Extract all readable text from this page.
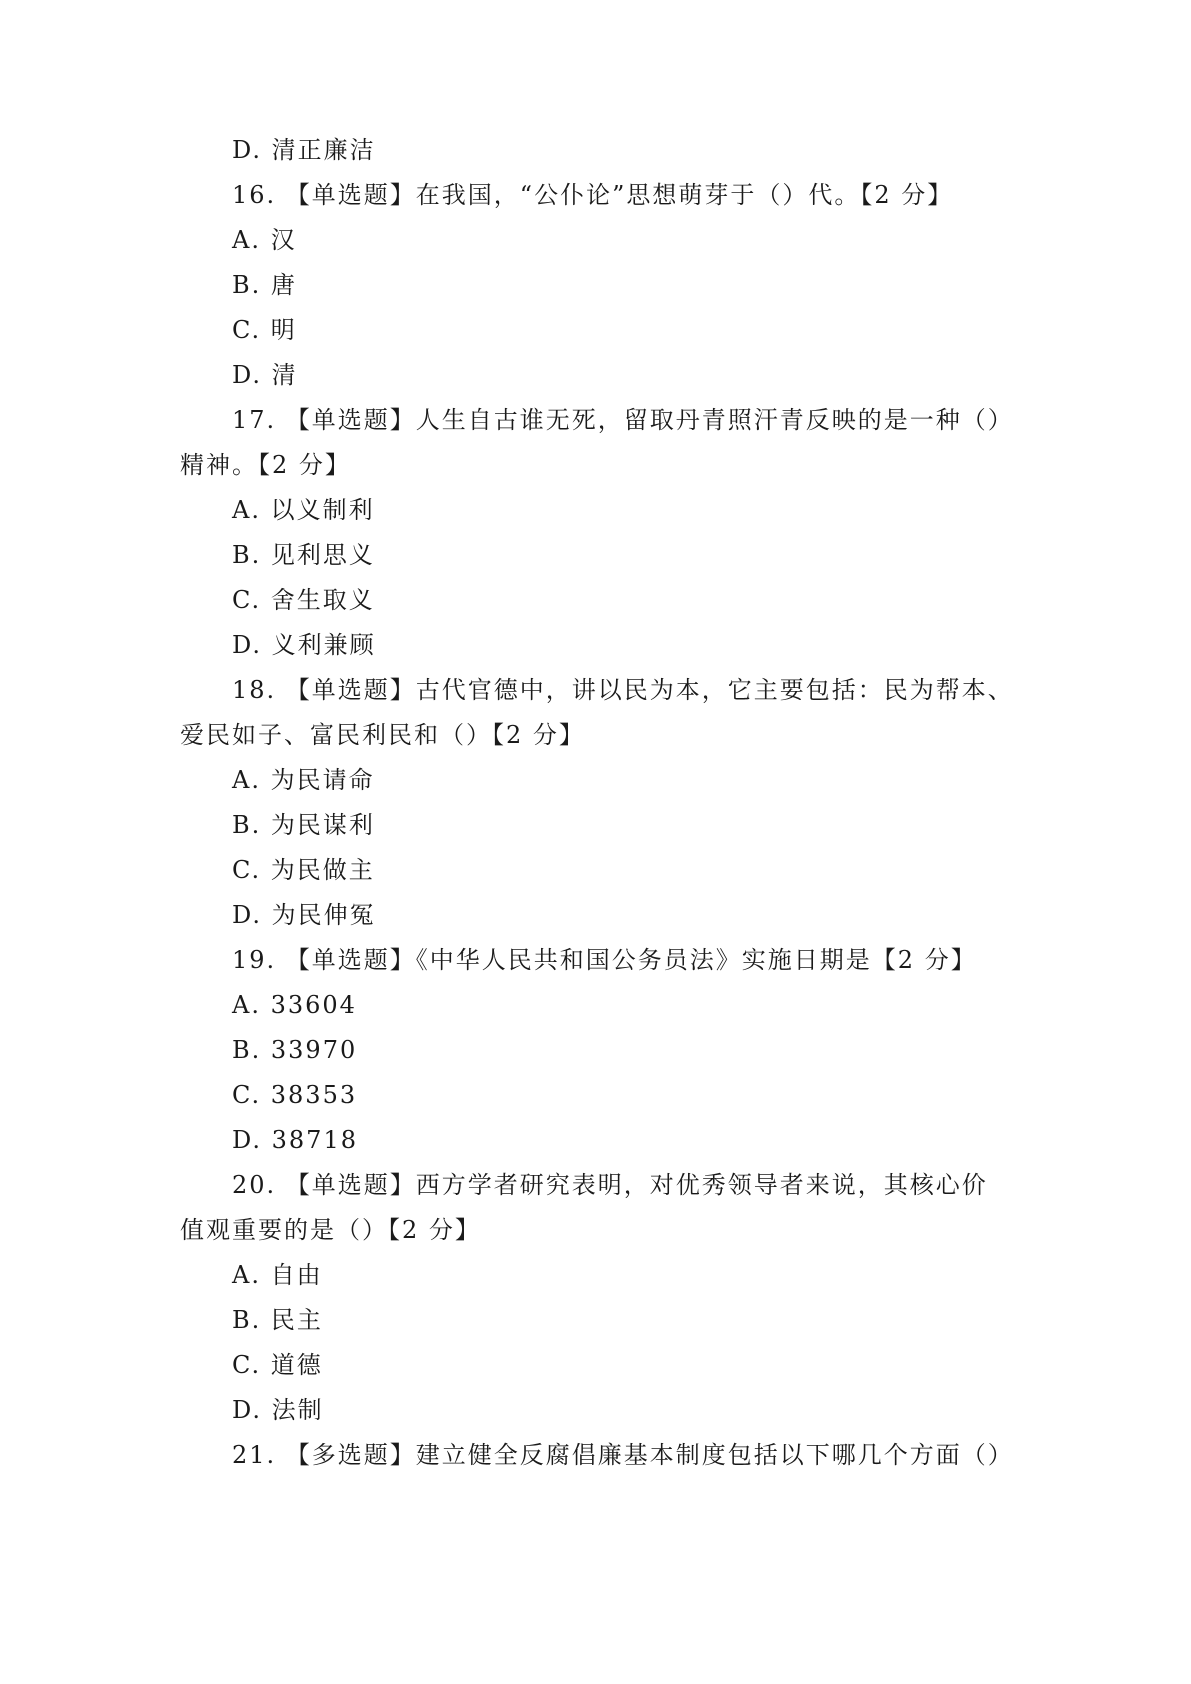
D. 清正廉洁
16. 【单选题】在我国，“公仆论”思想萌芽于（）代。【2 分】
A. 汉
B. 唐
C. 明
D. 清
17. 【单选题】人生自古谁无死，留取丹青照汗青反映的是一种（）
精神。【2 分】
A. 以义制利
B. 见利思义
C. 舍生取义
D. 义利兼顾
18. 【单选题】古代官德中，讲以民为本，它主要包括：民为帮本、
爱民如子、富民利民和（）【2 分】
A. 为民请命
B. 为民谋利
C. 为民做主
D. 为民伸冤
19. 【单选题】《中华人民共和国公务员法》实施日期是【2 分】
A. 33604
B. 33970
C. 38353
D. 38718
20. 【单选题】西方学者研究表明，对优秀领导者来说，其核心价
值观重要的是（）【2 分】
A. 自由
B. 民主
C. 道德
D. 法制
21. 【多选题】建立健全反腐倡廉基本制度包括以下哪几个方面（）
